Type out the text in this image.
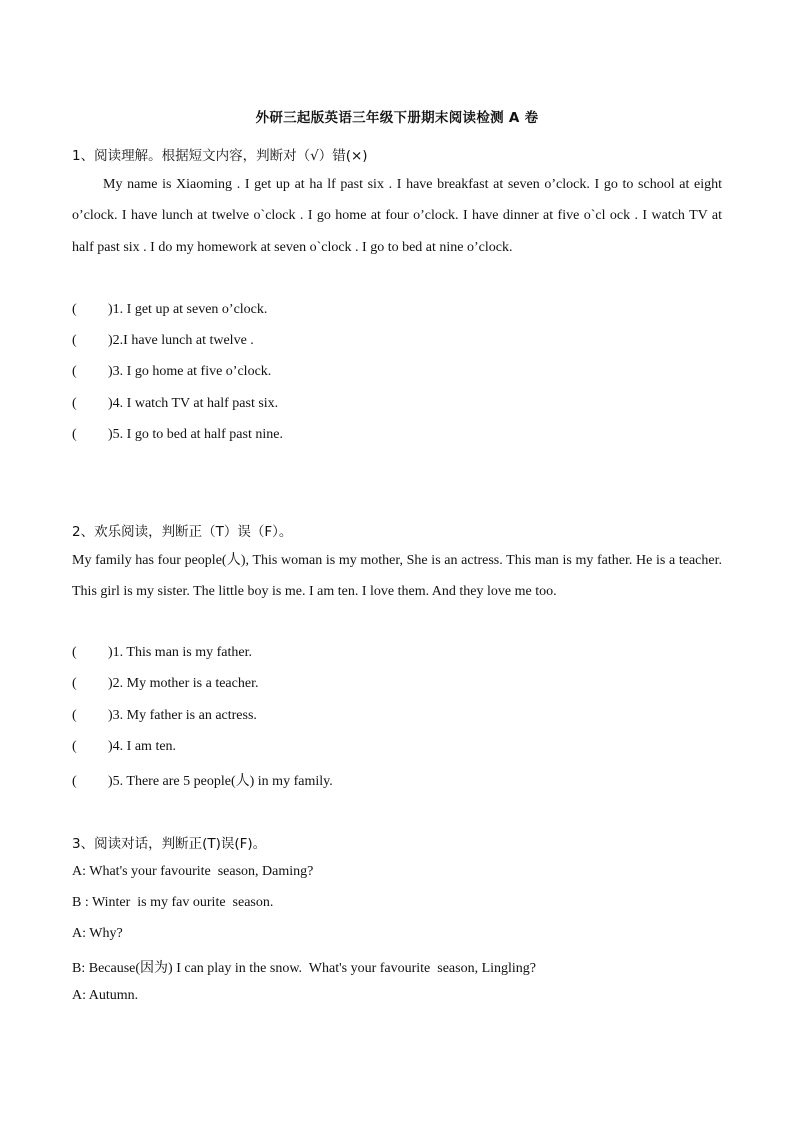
外研三起版英语三年级下册期末阅读检测 A 卷
1、阅读理解。根据短文内容，判断对（√）错(×)
My name is Xiaoming . I get up at ha lf past six . I have breakfast at seven o’clock. I go to school at eight o’clock. I have lunch at twelve o`clock . I go home at four o’clock. I have dinner at five o`cl ock . I watch TV at half past six . I do my homework at seven o`clock . I go to bed at nine o’clock.
( )1. I get up at seven o’clock.
( )2.I have lunch at twelve .
( )3. I go home at five o’clock.
( )4. I watch TV at half past six.
( )5. I go to bed at half past nine.
2、欢乐阅读，判断正（T）误（F）。
My family has four people(人), This woman is my mother, She is an actress. This man is my father. He is a teacher. This girl is my sister. The little boy is me. I am ten. I love them. And they love me too.
( )1. This man is my father.
( )2. My mother is a teacher.
( )3. My father is an actress.
( )4. I am ten.
( )5. There are 5 people(人) in my family.
3、阅读对话，判断正(T)误(F)。
A: What's your favourite  season, Daming?
B : Winter  is my fav ourite  season.
A: Why?
B: Because(因为) I can play in the snow.  What's your favourite  season, Lingling?
A: Autumn.
